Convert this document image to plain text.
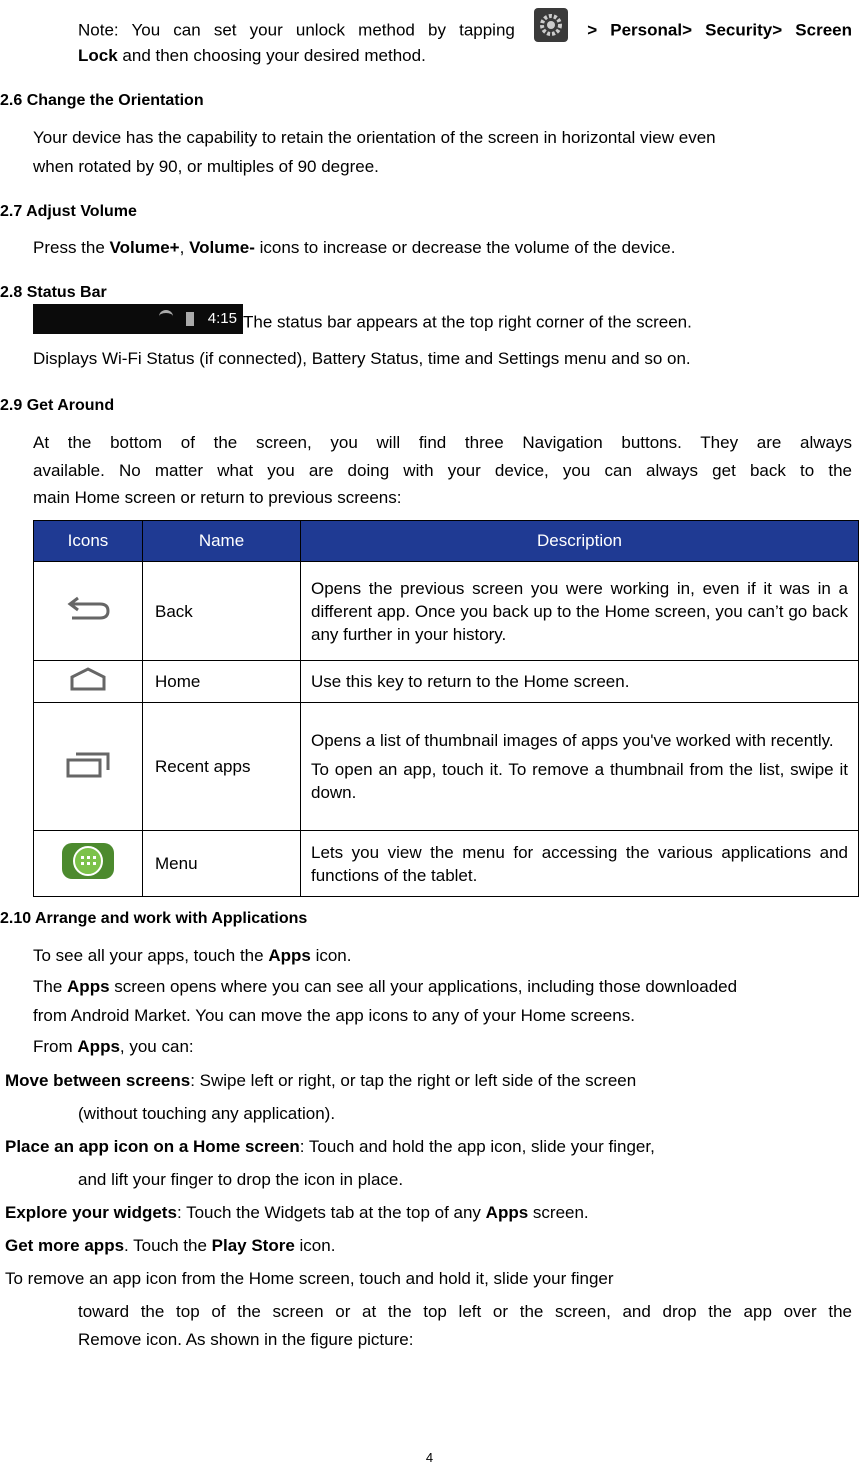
Note: You can set your unlock method by tapping	> Personal> Security> Screen
Lock and then choosing your desired method.
2.6 Change the Orientation
Your device has the capability to retain the orientation of the screen in horizontal view even
when rotated by 90, or multiples of 90 degree.
2.7 Adjust Volume
Press the Volume+, Volume- icons to increase or decrease the volume of the device.
2.8 Status Bar
4:15 The status bar appears at the top right corner of the screen.
Displays Wi-Fi Status (if connected), Battery Status, time and Settings menu and so on.
2.9 Get Around
At the bottom of the screen, you will find three Navigation buttons. They are always
available. No matter what you are doing with your device, you can always get back to the
main Home screen or return to previous screens:
Icons	Name	Description
	Back	Opens the previous screen you were working in, even if it was in a different app. Once you back up to the Home screen, you can’t go back any further in your history.
	Home	Use this key to return to the Home screen.
	Recent apps	Opens a list of thumbnail images of apps you've worked with recently.
To open an app, touch it. To remove a thumbnail from the list, swipe it down.

	Menu	Lets you view the menu for accessing the various applications and functions of the tablet.
2.10 Arrange and work with Applications
To see all your apps, touch the Apps icon.
The Apps screen opens where you can see all your applications, including those downloaded
from Android Market. You can move the app icons to any of your Home screens.
From Apps, you can:
Move between screens: Swipe left or right, or tap the right or left side of the screen
(without touching any application).
Place an app icon on a Home screen: Touch and hold the app icon, slide your finger,
and lift your finger to drop the icon in place.
Explore your widgets: Touch the Widgets tab at the top of any Apps screen.
Get more apps. Touch the Play Store icon.
To remove an app icon from the Home screen, touch and hold it, slide your finger
toward the top of the screen or at the top left or the screen, and drop the app over the
Remove icon. As shown in the figure picture:
4
